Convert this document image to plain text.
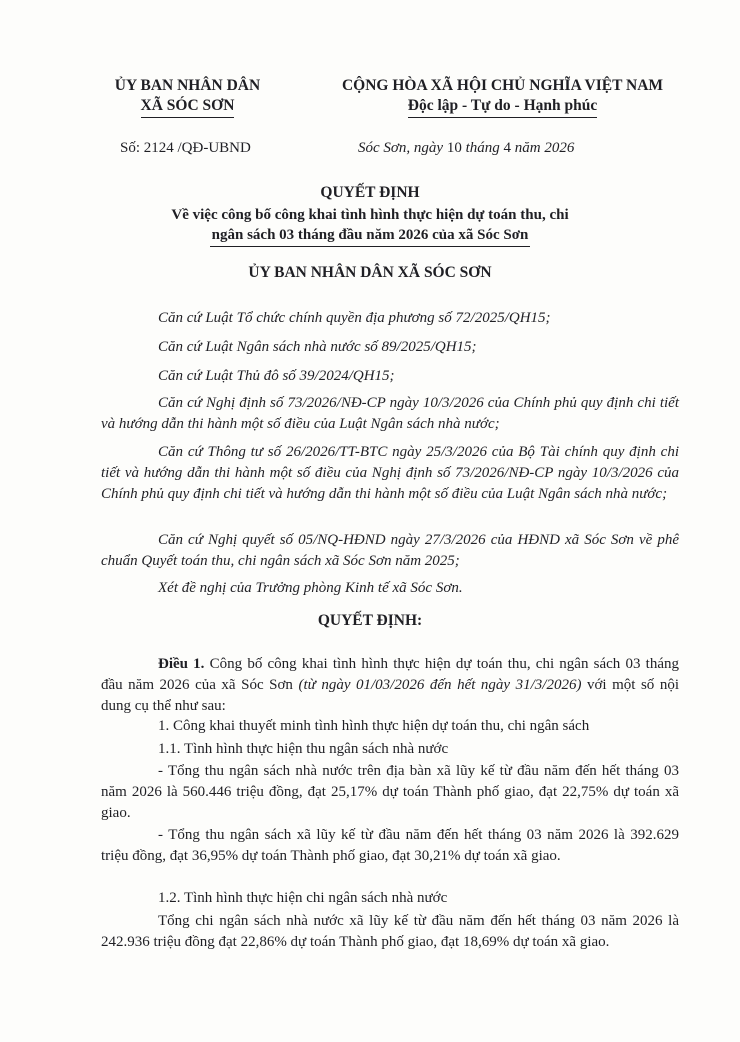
ỦY BAN NHÂN DÂN
XÃ SÓC SƠN
CỘNG HÒA XÃ HỘI CHỦ NGHĨA VIỆT NAM
Độc lập - Tự do - Hạnh phúc
Số: 2124 /QĐ-UBND	Sóc Sơn, ngày 10 tháng 4 năm 2026
QUYẾT ĐỊNH
Về việc công bố công khai tình hình thực hiện dự toán thu, chi
ngân sách 03 tháng đầu năm 2026 của xã Sóc Sơn
ỦY BAN NHÂN DÂN XÃ SÓC SƠN
Căn cứ Luật Tổ chức chính quyền địa phương số 72/2025/QH15;
Căn cứ Luật Ngân sách nhà nước số 89/2025/QH15;
Căn cứ Luật Thủ đô số 39/2024/QH15;
Căn cứ Nghị định số 73/2026/NĐ-CP ngày 10/3/2026 của Chính phủ quy định chi tiết và hướng dẫn thi hành một số điều của Luật Ngân sách nhà nước;
Căn cứ Thông tư số 26/2026/TT-BTC ngày 25/3/2026 của Bộ Tài chính quy định chi tiết và hướng dẫn thi hành một số điều của Nghị định số 73/2026/NĐ-CP ngày 10/3/2026 của Chính phủ quy định chi tiết và hướng dẫn thi hành một số điều của Luật Ngân sách nhà nước;
Căn cứ Nghị quyết số 05/NQ-HĐND ngày 27/3/2026 của HĐND xã Sóc Sơn về phê chuẩn Quyết toán thu, chi ngân sách xã Sóc Sơn năm 2025;
Xét đề nghị của Trưởng phòng Kinh tế xã Sóc Sơn.
QUYẾT ĐỊNH:
Điều 1. Công bố công khai tình hình thực hiện dự toán thu, chi ngân sách 03 tháng đầu năm 2026 của xã Sóc Sơn (từ ngày 01/03/2026 đến hết ngày 31/3/2026) với một số nội dung cụ thể như sau:
1. Công khai thuyết minh tình hình thực hiện dự toán thu, chi ngân sách
1.1. Tình hình thực hiện thu ngân sách nhà nước
- Tổng thu ngân sách nhà nước trên địa bàn xã lũy kế từ đầu năm đến hết tháng 03 năm 2026 là 560.446 triệu đồng, đạt 25,17% dự toán Thành phố giao, đạt 22,75% dự toán xã giao.
- Tổng thu ngân sách xã lũy kế từ đầu năm đến hết tháng 03 năm 2026 là 392.629 triệu đồng, đạt 36,95% dự toán Thành phố giao, đạt 30,21% dự toán xã giao.
1.2. Tình hình thực hiện chi ngân sách nhà nước
Tổng chi ngân sách nhà nước xã lũy kế từ đầu năm đến hết tháng 03 năm 2026 là 242.936 triệu đồng đạt 22,86% dự toán Thành phố giao, đạt 18,69% dự toán xã giao.
